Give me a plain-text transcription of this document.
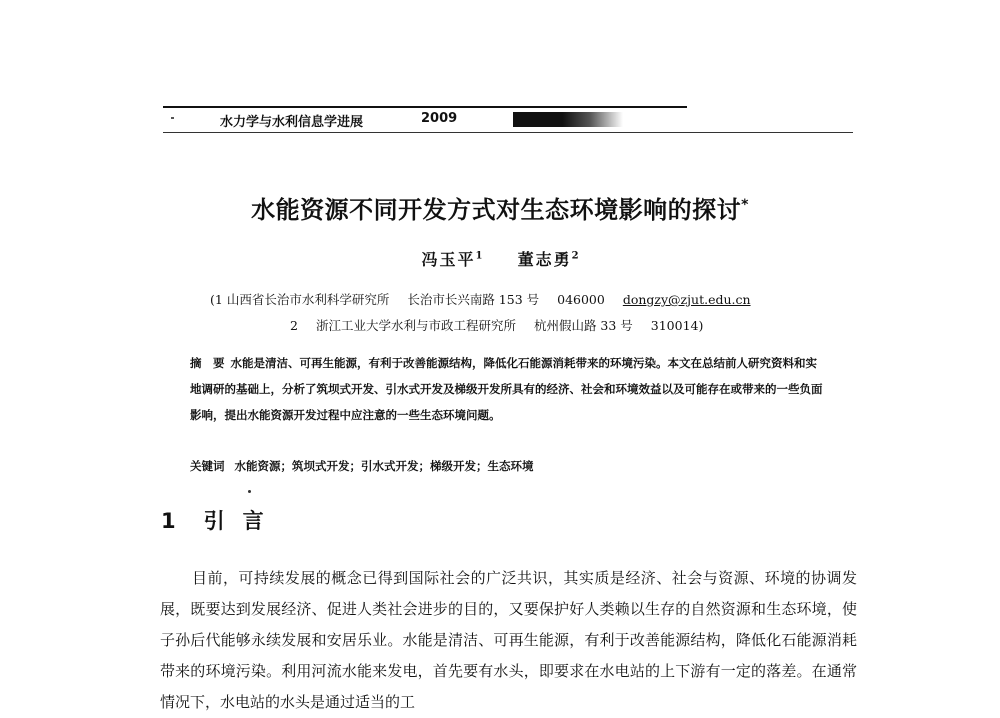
水力学与水利信息学进展	2009
水能资源不同开发方式对生态环境影响的探讨*
冯玉平$^1$ 董志勇$^2$
(1 山西省长治市水利科学研究所 长治市长兴南路 153 号 046000 dongzy@zjut.edu.cn
2 浙江工业大学水利与市政工程研究所 杭州假山路 33 号 310014)
摘　要 水能是清洁、可再生能源，有利于改善能源结构，降低化石能源消耗带来的环境污染。本文在总结前人研究资料和实地调研的基础上，分析了筑坝式开发、引水式开发及梯级开发所具有的经济、社会和环境效益以及可能存在或带来的一些负面影响，提出水能资源开发过程中应注意的一些生态环境问题。
关键词 水能资源；筑坝式开发；引水式开发；梯级开发；生态环境
1 引言

目前，可持续发展的概念已得到国际社会的广泛共识，其实质是经济、社会与资源、环境的协调发展，既要达到发展经济、促进人类社会进步的目的，又要保护好人类赖以生存的自然资源和生态环境，使子孙后代能够永续发展和安居乐业。水能是清洁、可再生能源，有利于改善能源结构，降低化石能源消耗带来的环境污染。利用河流水能来发电，首先要有水头，即要求在水电站的上下游有一定的落差。在通常情况下，水电站的水头是通过适当的工
